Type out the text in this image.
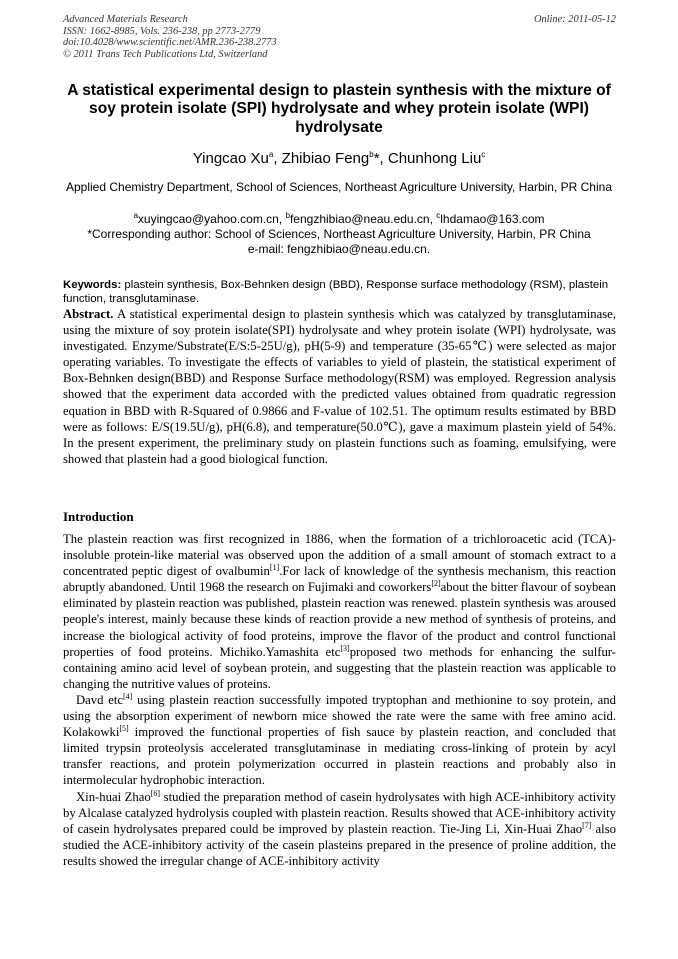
Advanced Materials Research
ISSN: 1662-8985, Vols. 236-238, pp 2773-2779
doi:10.4028/www.scientific.net/AMR.236-238.2773
© 2011 Trans Tech Publications Ltd, Switzerland
Online: 2011-05-12
A statistical experimental design to plastein synthesis with the mixture of soy protein isolate (SPI) hydrolysate and whey protein isolate (WPI) hydrolysate
Yingcao Xu$^a$, Zhibiao Feng$^b$*, Chunhong Liu$^c$
Applied Chemistry Department, School of Sciences, Northeast Agriculture University, Harbin, PR China
$^a$xuyingcao@yahoo.com.cn, $^b$fengzhibiao@neau.edu.cn, $^c$lhdamao@163.com
*Corresponding author: School of Sciences, Northeast Agriculture University, Harbin, PR China
e-mail: fengzhibiao@neau.edu.cn.
Keywords: plastein synthesis, Box-Behnken design (BBD), Response surface methodology (RSM), plastein function, transglutaminase.

Abstract. A statistical experimental design to plastein synthesis which was catalyzed by transglutaminase, using the mixture of soy protein isolate(SPI) hydrolysate and whey protein isolate (WPI) hydrolysate, was investigated. Enzyme/Substrate(E/S:5-25U/g), pH(5-9) and temperature (35-65℃) were selected as major operating variables. To investigate the effects of variables to yield of plastein, the statistical experiment of Box-Behnken design(BBD) and Response Surface methodology(RSM) was employed. Regression analysis showed that the experiment data accorded with the predicted values obtained from quadratic regression equation in BBD with R-Squared of 0.9866 and F-value of 102.51. The optimum results estimated by BBD were as follows: E/S(19.5U/g), pH(6.8), and temperature(50.0℃), gave a maximum plastein yield of 54%. In the present experiment, the preliminary study on plastein functions such as foaming, emulsifying, were showed that plastein had a good biological function.

Introduction

The plastein reaction was first recognized in 1886, when the formation of a trichloroacetic acid (TCA)-insoluble protein-like material was observed upon the addition of a small amount of stomach extract to a concentrated peptic digest of ovalbumin[1].For lack of knowledge of the synthesis mechanism, this reaction abruptly abandoned. Until 1968 the research on Fujimaki and coworkers[2]about the bitter flavour of soybean eliminated by plastein reaction was published, plastein reaction was renewed. plastein synthesis was aroused people's interest, mainly because these kinds of reaction provide a new method of synthesis of proteins, and increase the biological activity of food proteins, improve the flavor of the product and control functional properties of food proteins. Michiko.Yamashita etc[3]proposed two methods for enhancing the sulfur-containing amino acid level of soybean protein, and suggesting that the plastein reaction was applicable to changing the nutritive values of proteins.

Davd etc[4] using plastein reaction successfully impoted tryptophan and methionine to soy protein, and using the absorption experiment of newborn mice showed the rate were the same with free amino acid. Kolakowki[5] improved the functional properties of fish sauce by plastein reaction, and concluded that limited trypsin proteolysis accelerated transglutaminase in mediating cross-linking of protein by acyl transfer reactions, and protein polymerization occurred in plastein reactions and probably also in intermolecular hydrophobic interaction.

Xin-huai Zhao[6] studied the preparation method of casein hydrolysates with high ACE-inhibitory activity by Alcalase catalyzed hydrolysis coupled with plastein reaction. Results showed that ACE-inhibitory activity of casein hydrolysates prepared could be improved by plastein reaction. Tie-Jing Li, Xin-Huai Zhao[7] also studied the ACE-inhibitory activity of the casein plasteins prepared in the presence of proline addition, the results showed the irregular change of ACE-inhibitory activity
